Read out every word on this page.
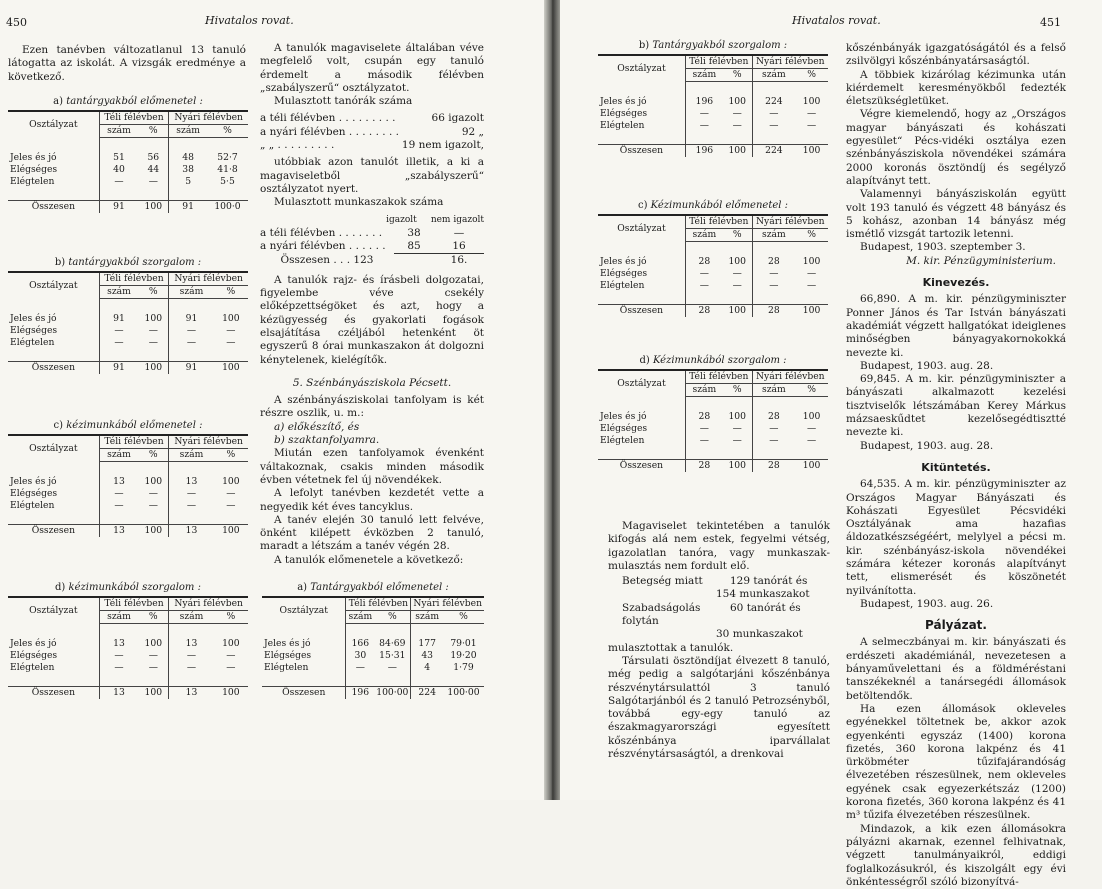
450	Hivatalos rovat.

Ezen tanévben változatlanul 13 tanuló látogatta az iskolát. A vizsgák eredménye a következő.

a) tantárgyakból előmenetel :
Osztályzat	Téli félévben		Nyári félévben	
	szám	%	szám	%

Jeles és jó	51	56	48	52·7
Elégséges	40	44	38	41·8
Elégtelen	—	—	5	5·5

Összesen	91	100	91	100·0
b) tantárgyakból szorgalom :
Osztályzat	Téli félévben		Nyári félévben	
	szám	%	szám	%

Jeles és jó	91	100	91	100
Elégséges	—	—	—	—
Elégtelen	—	—	—	—

Összesen	91	100	91	100
c) kézimunkából előmenetel :
Osztályzat	Téli félévben		Nyári félévben	
	szám	%	szám	%

Jeles és jó	13	100	13	100
Elégséges	—	—	—	—
Elégtelen	—	—	—	—

Összesen	13	100	13	100
d) kézimunkából szorgalom :
Osztályzat	Téli félévben		Nyári félévben	
	szám	%	szám	%

Jeles és jó	13	100	13	100
Elégséges	—	—	—	—
Elégtelen	—	—	—	—

Összesen	13	100	13	100

A tanulók magaviselete általában véve megfelelő volt, csupán egy tanuló érdemelt a második félévben „szabályszerű“ osztályzatot.

Mulasztott tanórák száma

a téli félévben . . . . . . . . .	66 igazolt
a nyári félévben . . . . . . . .	92 „
„ „ . . . . . . . . .	19 nem igazolt,

utóbbiak azon tanulót illetik, a ki a magaviseletből „szabályszerű“ osztályzatot nyert.

Mulasztott munkaszakok száma

igazolt nem igazolt
a téli félévben . . . . . . .	38	—
a nyári félévben . . . . . .	85	16
Összesen . . . 123	16.

A tanulók rajz- és írásbeli dolgozatai, figyelembe véve csekély előképzettségöket és azt, hogy a kézügyesség és gyakorlati fogások elsajátítása czéljából hetenként öt egyszerű 8 órai munkaszakon át dolgozni kénytelenek, kielégítők.

5. Szénbányásziskola Pécsett.

A szénbányásziskolai tanfolyam is két részre oszlik, u. m.:

a) előkészítő, és

b) szaktanfolyamra.

Miután ezen tanfolyamok évenként váltakoznak, csakis minden második évben vétetnek fel új növendékek.

A lefolyt tanévben kezdetét vette a negyedik két éves tancyklus.

A tanév elején 30 tanuló lett felvéve, önként kilépett évközben 2 tanuló, maradt a létszám a tanév végén 28.

A tanulók előmenetele a következő:

a) Tantárgyakból előmenetel :
Osztályzat	Téli félévben		Nyári félévben	
	szám	%	szám	%

Jeles és jó	166	84·69	177	79·01
Elégséges	30	15·31	43	19·20
Elégtelen	—	—	4	1·79

Összesen	196	100·00	224	100·00
Hivatalos rovat.	451
b) Tantárgyakból szorgalom :
Osztályzat	Téli félévben		Nyári félévben	
	szám	%	szám	%

Jeles és jó	196	100	224	100
Elégséges	—	—	—	—
Elégtelen	—	—	—	—

Összesen	196	100	224	100
c) Kézimunkából előmenetel :
Osztályzat	Téli félévben		Nyári félévben	
	szám	%	szám	%

Jeles és jó	28	100	28	100
Elégséges	—	—	—	—
Elégtelen	—	—	—	—

Összesen	28	100	28	100
d) Kézimunkából szorgalom :
Osztályzat	Téli félévben		Nyári félévben	
	szám	%	szám	%

Jeles és jó	28	100	28	100
Elégséges	—	—	—	—
Elégtelen	—	—	—	—

Összesen	28	100	28	100

Magaviselet tekintetében a tanulók kifogás alá nem estek, fegyelmi vétség, igazolatlan tanóra, vagy munkaszak-mulasztás nem fordult elő.

Betegség miatt	129 tanórát és
154 munkaszakot
Szabadságolás folytán
60 tanórát és
30 munkaszakot

mulasztottak a tanulók.

Társulati ösztöndíjat élvezett 8 tanuló, még pedig a salgótarjáni kőszénbánya részvénytársulattól 3 tanuló Salgótarjánból és 2 tanuló Petrozsényből, továbbá egy-egy tanuló az északmagyarországi egyesített kőszénbánya iparvállalat részvénytársaságtól, a drenkovai

kőszénbányák igazgatóságától és a felső zsilvölgyi kőszénbányatársaságtól.

A többiek kizárólag kézimunka után kiérdemelt keresményökből fedezték életszükségletüket.

Végre kiemelendő, hogy az „Országos magyar bányászati és kohászati egyesület“ Pécs-vidéki osztálya ezen szénbányásziskola növendékei számára 2000 koronás ösztöndíj és segélyző alapítványt tett.

Valamennyi bányásziskolán együtt volt 193 tanuló és végzett 48 bányász és 5 kohász, azonban 14 bányász még ismétlő vizsgát tartozik letenni.

Budapest, 1903. szeptember 3.

M. kir. Pénzügyministerium.
Kinevezés.

66,890. A m. kir. pénzügyminiszter Ponner János és Tar István bányászati akadémiát végzett hallgatókat ideiglenes minőségben bányagyakornokokká nevezte ki.

Budapest, 1903. aug. 28.

69,845. A m. kir. pénzügyminiszter a bányászati alkalmazott kezelési tisztviselők létszámában Kerey Márkus mázsaeskűdtet kezelősegédtisztté nevezte ki.

Budapest, 1903. aug. 28.

Kitüntetés.

64,535. A m. kir. pénzügyminiszter az Országos Magyar Bányászati és Kohászati Egyesület Pécsvidéki Osztályának ama hazafias áldozatkészségéért, melylyel a pécsi m. kir. szénbányász-iskola növendékei számára kétezer koronás alapítványt tett, elismerését és köszönetét nyilvánította.

Budapest, 1903. aug. 26.

Pályázat.

A selmeczbányai m. kir. bányászati és erdészeti akadémiánál, nevezetesen a bányaművelettani és a földméréstani tanszékeknél a tanársegédi állomások betöltendők.

Ha ezen állomások okleveles egyénekkel töltetnek be, akkor azok egyenkénti egyszáz (1400) korona fizetés, 360 korona lakpénz és 41 ürköbméter tűzifajárandóság élvezetében részesülnek, nem okleveles egyének csak egyezerkétszáz (1200) korona fizetés, 360 korona lakpénz és 41 m³ tűzifa élvezetében részesülnek.

Mindazok, a kik ezen állomásokra pályázni akarnak, ezennel felhivatnak, végzett tanulmányaikról, eddigi foglalkozásukról, és kiszolgált egy évi önkéntességről szóló bizonyítvá-
